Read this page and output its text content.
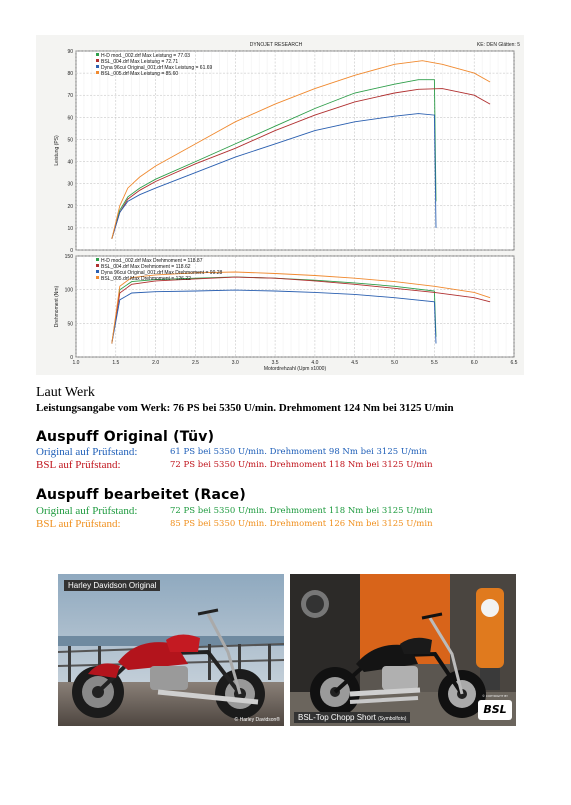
DYNOJET RESEARCH	KE: DEN Glätten: 5
0
10
20
30
40
50
60
70
80
90
Leistung (PS)
H-D mod._002.drf Max Leistung = 77.03
BSL_004.drf Max Leistung = 72.71
Dyna 96cui Original_001.drf Max Leistung = 61.69
BSL_005.drf Max Leistung = 85.60
0
50
100
150
Drehmoment (Nm)
H-D mod._002.drf Max Drehmoment = 118.87
BSL_004.drf Max Drehmoment = 118.62
Dyna 96cui Original_001.drf Max Drehmoment = 99.28
BSL_005.drf Max Drehmoment = 126.22
1.0	1.5	2.0	2.5	3.0	3.5	4.0	4.5	5.0	5.5	6.0	6.5
Motordrehzahl (Upm x1000)
Laut Werk
Leistungsangabe vom Werk: 76 PS bei 5350 U/min. Drehmoment 124 Nm bei 3125 U/min
Auspuff Original (Tüv)
Original auf Prüfstand:	61 PS bei 5350 U/min. Drehmoment 98 Nm bei 3125 U/min
BSL auf Prüfstand:	72 PS bei 5350 U/min. Drehmoment 118 Nm bei 3125 U/min
Auspuff bearbeitet (Race)
Original auf Prüfstand:	72 PS bei 5350 U/min. Drehmoment 118 Nm bei 3125 U/min
BSL auf Prüfstand:	85 PS bei 5350 U/min. Drehmoment 126 Nm bei 3125 U/min
Harley Davidson Original
© Harley Davidson®	BSL-Top Chopp Short (Symbolfoto)
© COPYRIGHT BY
BSL
